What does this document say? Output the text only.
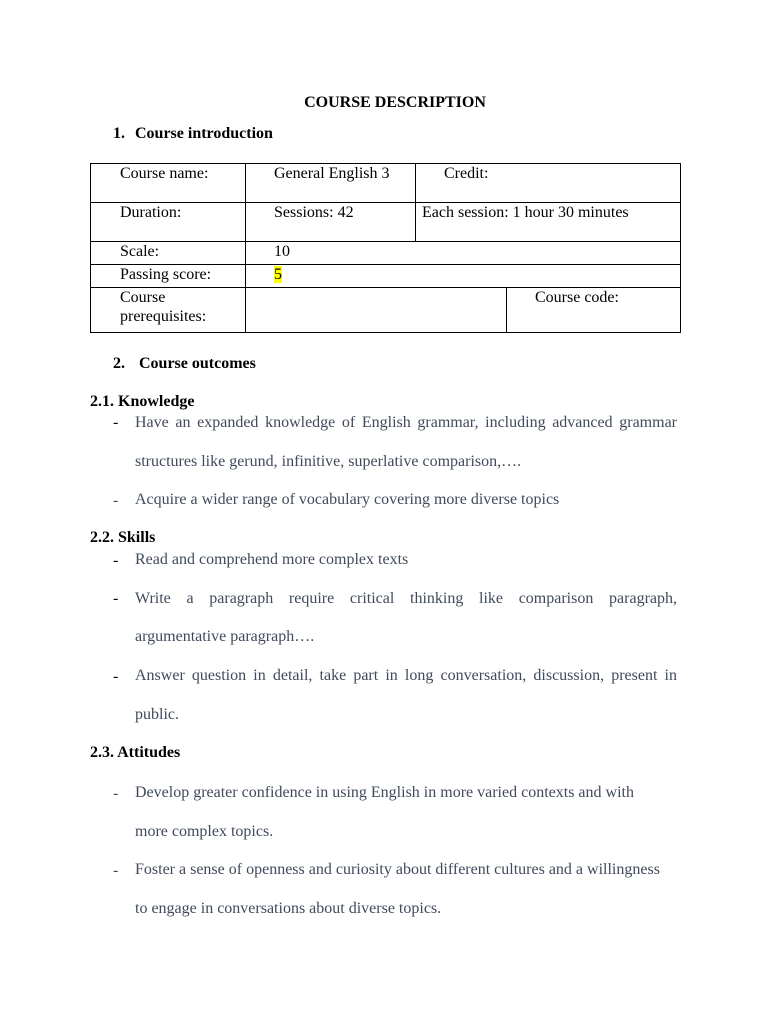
COURSE DESCRIPTION
1. Course introduction
Course name:	General English 3	Credit:	
Duration:	Sessions: 42	Each session: 1 hour 30 minutes	
Scale:	10		
Passing score:	5		

Course
prerequisites:			Course code:
2. Course outcomes
2.1. Knowledge
- Have an expanded knowledge of English grammar, including advanced grammar
structures like gerund, infinitive, superlative comparison,….
- Acquire a wider range of vocabulary covering more diverse topics
2.2. Skills
- Read and comprehend more complex texts
- Write a paragraph require critical thinking like comparison paragraph,
argumentative paragraph….
- Answer question in detail, take part in long conversation, discussion, present in
public.
2.3. Attitudes
- Develop greater confidence in using English in more varied contexts and with
more complex topics.
- Foster a sense of openness and curiosity about different cultures and a willingness
to engage in conversations about diverse topics.
